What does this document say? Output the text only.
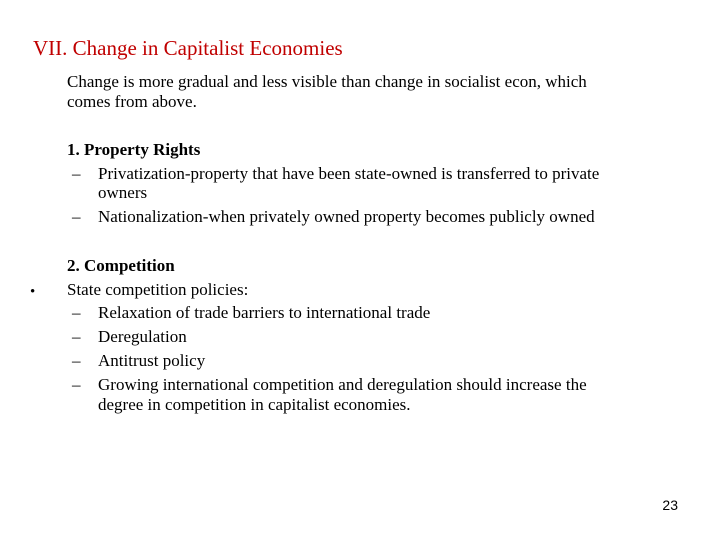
VII. Change in Capitalist Economies
Change is more gradual and less visible than change in socialist econ, which
comes from above.
1. Property Rights
– Privatization-property that have been state-owned is transferred to private
owners
– Nationalization-when privately owned property becomes publicly owned
•
2. Competition
State competition policies:
– Relaxation of trade barriers to international trade
– Deregulation
– Antitrust policy
– Growing international competition and deregulation should increase the
degree in competition in capitalist economies.
23
